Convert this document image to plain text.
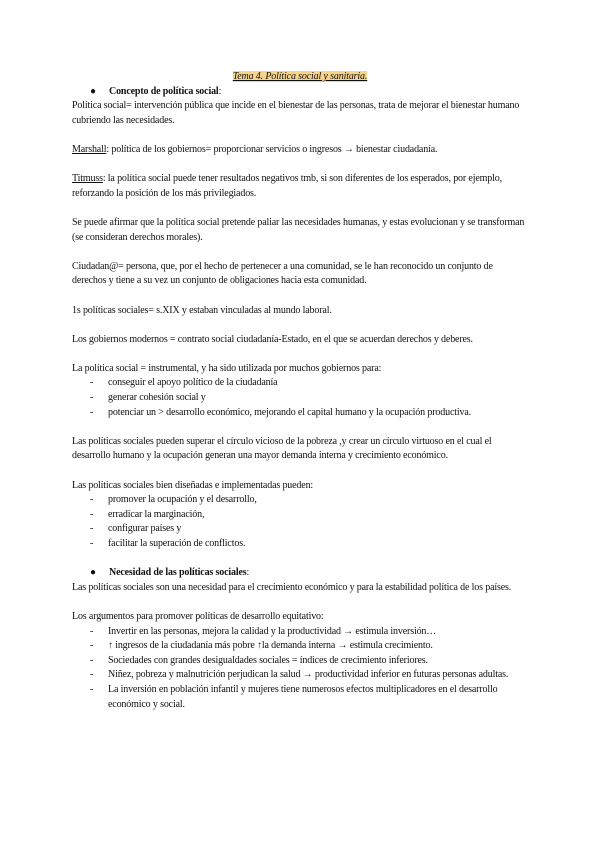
Tema 4. Política social y sanitaria.
● Concepto de política social:

Política social= intervención pública que incide en el bienestar de las personas, trata de mejorar el bienestar humano cubriendo las necesidades.

Marshall: política de los gobiernos= proporcionar servicios o ingresos → bienestar ciudadanía.

Titmuss: la política social puede tener resultados negativos tmb, si son diferentes de los esperados, por ejemplo, reforzando la posición de los más privilegiados.

Se puede afirmar que la política social pretende paliar las necesidades humanas, y estas evolucionan y se transforman (se consideran derechos morales).

Ciudadan@= persona, que, por el hecho de pertenecer a una comunidad, se le han reconocido un conjunto de derechos y tiene a su vez un conjunto de obligaciones hacia esta comunidad.

1s políticas sociales= s.XIX y estaban vinculadas al mundo laboral.

Los gobiernos modernos = contrato social ciudadanía-Estado, en el que se acuerdan derechos y deberes.

La política social = instrumental, y ha sido utilizada por muchos gobiernos para:

- conseguir el apoyo político de la ciudadanía
- generar cohesión social y
- potenciar un > desarrollo económico, mejorando el capital humano y la ocupación productiva.

Las políticas sociales pueden superar el círculo vicioso de la pobreza ,y crear un círculo virtuoso en el cual el desarrollo humano y la ocupación generan una mayor demanda interna y crecimiento económico.

Las políticas sociales bien diseñadas e implementadas pueden:

- promover la ocupación y el desarrollo,
- erradicar la marginación,
- configurar países y
- facilitar la superación de conflictos.
● Necesidad de las políticas sociales:

Las políticas sociales son una necesidad para el crecimiento económico y para la estabilidad política de los países.

Los argumentos para promover políticas de desarrollo equitativo:

- Invertir en las personas, mejora la calidad y la productividad → estimula inversión…
- ↑ ingresos de la ciudadanía más pobre ↑la demanda interna → estimula crecimiento.
- Sociedades con grandes desigualdades sociales = índices de crecimiento inferiores.
- Niñez, pobreza y malnutrición perjudican la salud → productividad inferior en futuras personas adultas.
- La inversión en población infantil y mujeres tiene numerosos efectos multiplicadores en el desarrollo económico y social.
